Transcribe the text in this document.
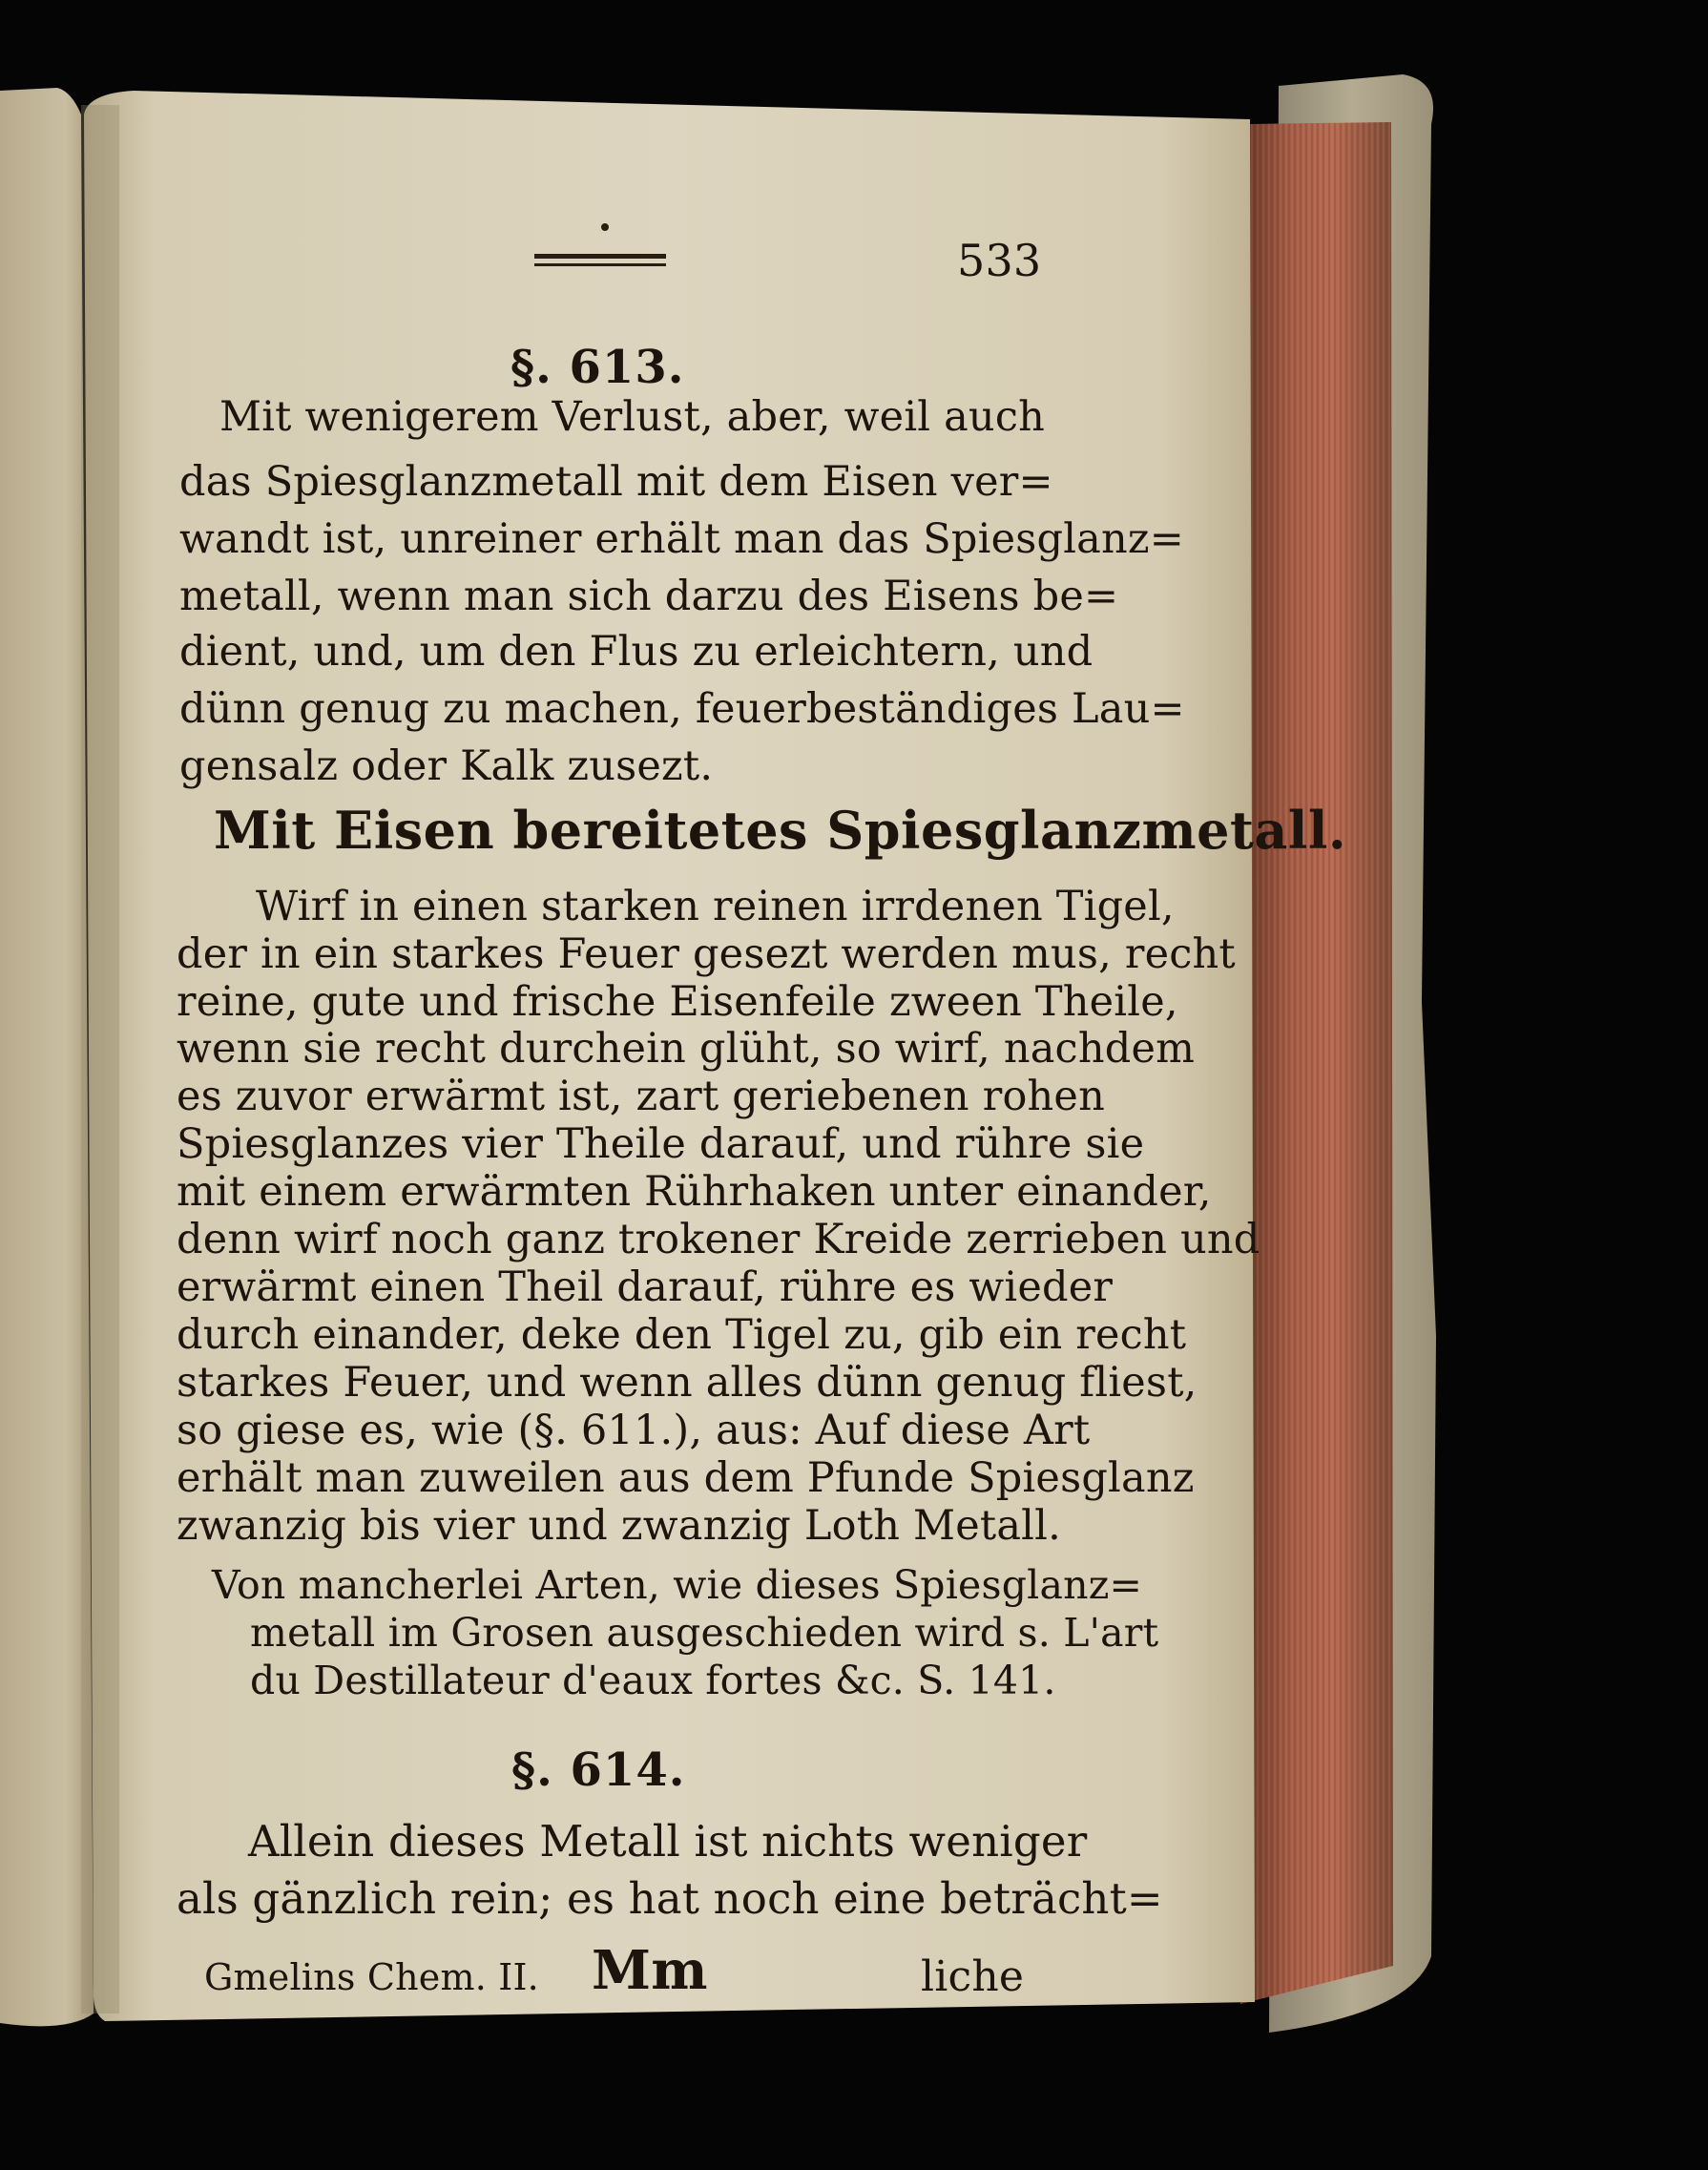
533
§. 613.
Mit wenigerem Verlust, aber, weil auch
das Spiesglanzmetall mit dem Eisen ver=
wandt ist, unreiner erhält man das Spiesglanz=
metall, wenn man sich darzu des Eisens be=
dient, und, um den Flus zu erleichtern, und
dünn genug zu machen, feuerbeständiges Lau=
gensalz oder Kalk zusezt.
Mit Eisen bereitetes Spiesglanzmetall.
Wirf in einen starken reinen irrdenen Tigel,
der in ein starkes Feuer gesezt werden mus, recht
reine, gute und frische Eisenfeile zween Theile,
wenn sie recht durchein glüht, so wirf, nachdem
es zuvor erwärmt ist, zart geriebenen rohen
Spiesglanzes vier Theile darauf, und rühre sie
mit einem erwärmten Rührhaken unter einander,
denn wirf noch ganz trokener Kreide zerrieben und
erwärmt einen Theil darauf, rühre es wieder
durch einander, deke den Tigel zu, gib ein recht
starkes Feuer, und wenn alles dünn genug fliest,
so giese es, wie (§. 611.), aus: Auf diese Art
erhält man zuweilen aus dem Pfunde Spiesglanz
zwanzig bis vier und zwanzig Loth Metall.
Von mancherlei Arten, wie dieses Spiesglanz=
metall im Grosen ausgeschieden wird s. L'art
du Destillateur d'eaux fortes &c. S. 141.
§. 614.
Allein dieses Metall ist nichts weniger
als gänzlich rein; es hat noch eine beträcht=
Gmelins Chem. II. Mm	liche
